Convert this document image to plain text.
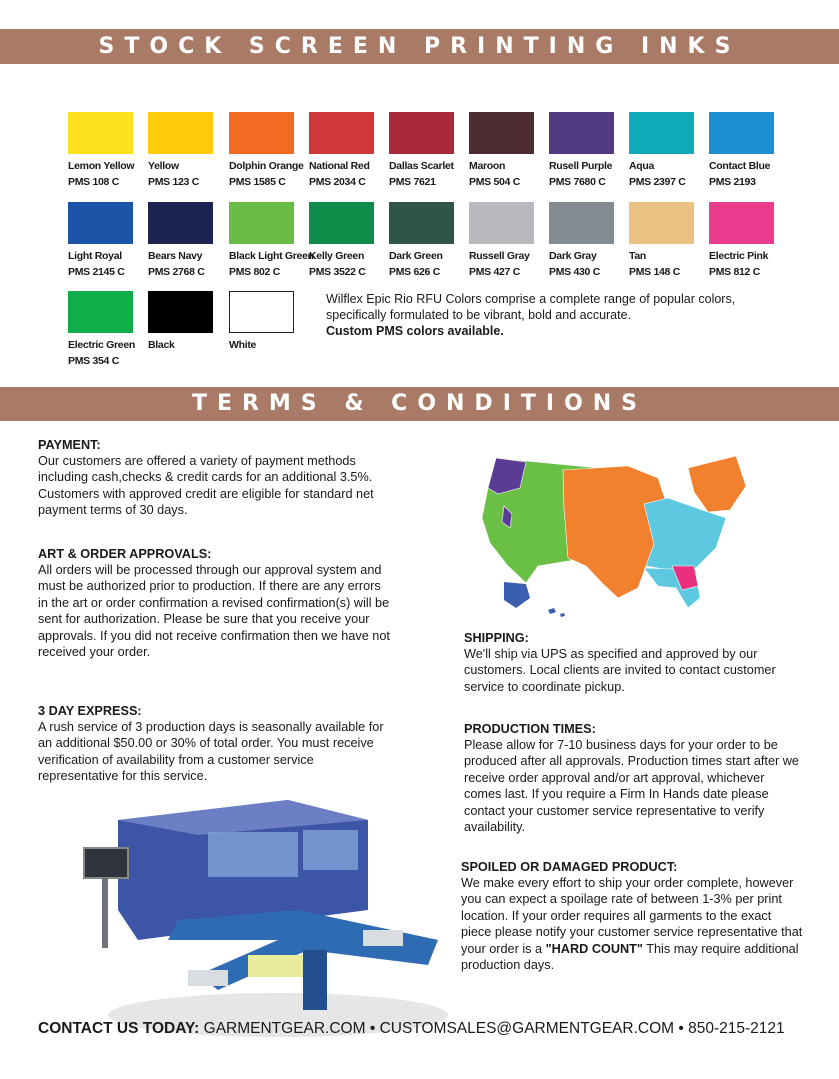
STOCK SCREEN PRINTING INKS
Lemon Yellow
PMS 108 C
Yellow
PMS 123 C
Dolphin Orange
PMS 1585 C
National Red
PMS 2034 C
Dallas Scarlet
PMS 7621
Maroon
PMS 504 C
Rusell Purple
PMS 7680 C
Aqua
PMS 2397 C
Contact Blue
PMS 2193
Light Royal
PMS 2145 C
Bears Navy
PMS 2768 C
Black Light Green
PMS 802 C
Kelly Green
PMS 3522 C
Dark Green
PMS 626 C
Russell Gray
PMS 427 C
Dark Gray
PMS 430 C
Tan
PMS 148 C
Electric Pink
PMS 812 C
Electric Green
PMS 354 C
Black	White
Wilflex Epic Rio RFU Colors comprise a complete range of popular colors, specifically formulated to be vibrant, bold and accurate.
Custom PMS colors available.
TERMS & CONDITIONS
PAYMENT:

Our customers are offered a variety of payment methods including cash,checks & credit cards for an additional 3.5%. Customers with approved credit are eligible for standard net payment terms of 30 days.

ART & ORDER APPROVALS:

All orders will be processed through our approval system and must be authorized prior to production. If there are any errors in the art or order confirmation a revised confirmation(s) will be sent for authorization. Please be sure that you receive your approvals. If you did not receive confirmation then we have not received your order.

3 DAY EXPRESS:

A rush service of 3 production days is seasonally available for an additional $50.00 or 30% of total order. You must receive verification of availability from a customer service representative for this service.

SHIPPING:

We'll ship via UPS as specified and approved by our customers. Local clients are invited to contact customer service to coordinate pickup.

PRODUCTION TIMES:

Please allow for 7-10 business days for your order to be produced after all approvals. Production times start after we receive order approval and/or art approval, whichever comes last. If you require a Firm In Hands date please contact your customer service representative to verify availability.

SPOILED OR DAMAGED PRODUCT:

We make every effort to ship your order complete, however you can expect a spoilage rate of between 1-3% per print location. If your order requires all garments to the exact piece please notify your customer service representative that your order is a "HARD COUNT" This may require additional production days.

CONTACT US TODAY: GARMENTGEAR.COM • CUSTOMSALES@GARMENTGEAR.COM • 850-215-2121
